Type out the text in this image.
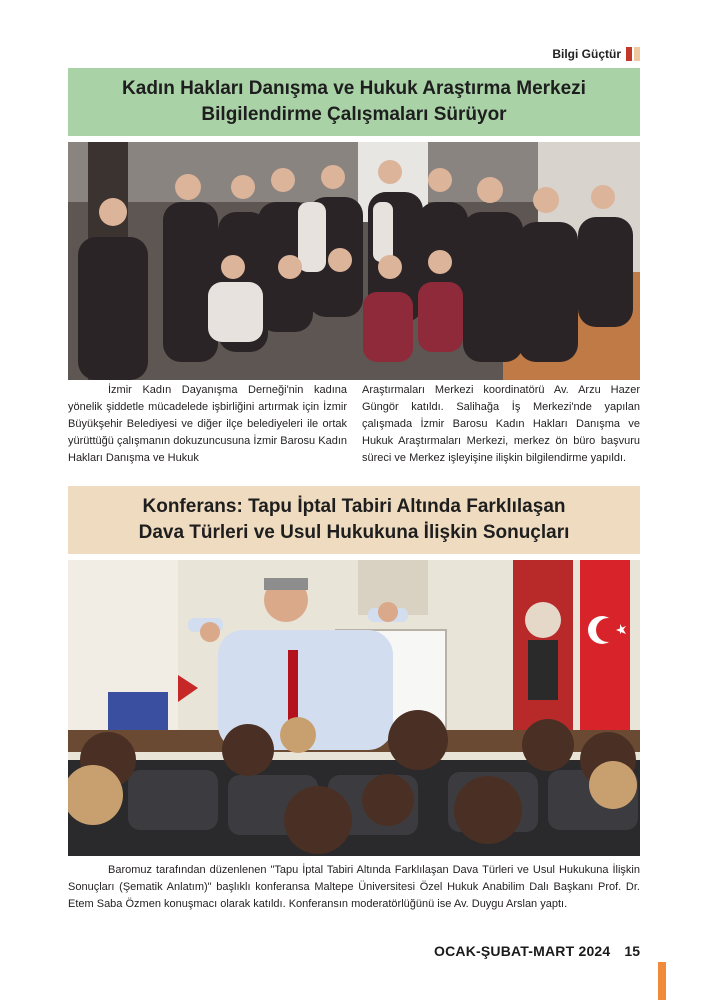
Bilgi Güçtür
Kadın Hakları Danışma ve Hukuk Araştırma Merkezi
Bilgilendirme Çalışmaları Sürüyor

İzmir Kadın Dayanışma Derneği'nin kadına yönelik şiddetle mücadelede işbirliğini artırmak için İzmir Büyükşehir Belediyesi ve diğer ilçe belediyeleri ile ortak yürüttüğü çalışmanın dokuzuncusuna İzmir Barosu Kadın Hakları Danışma ve Hukuk

Araştırmaları Merkezi koordinatörü Av. Arzu Hazer Güngör katıldı. Salihağa İş Merkezi'nde yapılan çalışmada İzmir Barosu Kadın Hakları Danışma ve Hukuk Araştırmaları Merkezi, merkez ön büro başvuru süreci ve Merkez işleyişine ilişkin bilgilendirme yapıldı.

Konferans: Tapu İptal Tabiri Altında Farklılaşan
Dava Türleri ve Usul Hukukuna İlişkin Sonuçları

Baromuz tarafından düzenlenen "Tapu İptal Tabiri Altında Farklılaşan Dava Türleri ve Usul Hukukuna İlişkin Sonuçları (Şematik Anlatım)" başlıklı konferansa Maltepe Üniversitesi Özel Hukuk Anabilim Dalı Başkanı Prof. Dr. Etem Saba Özmen konuşmacı olarak katıldı. Konferansın moderatörlüğünü ise Av. Duygu Arslan yaptı.

OCAK-ŞUBAT-MART 2024 15
